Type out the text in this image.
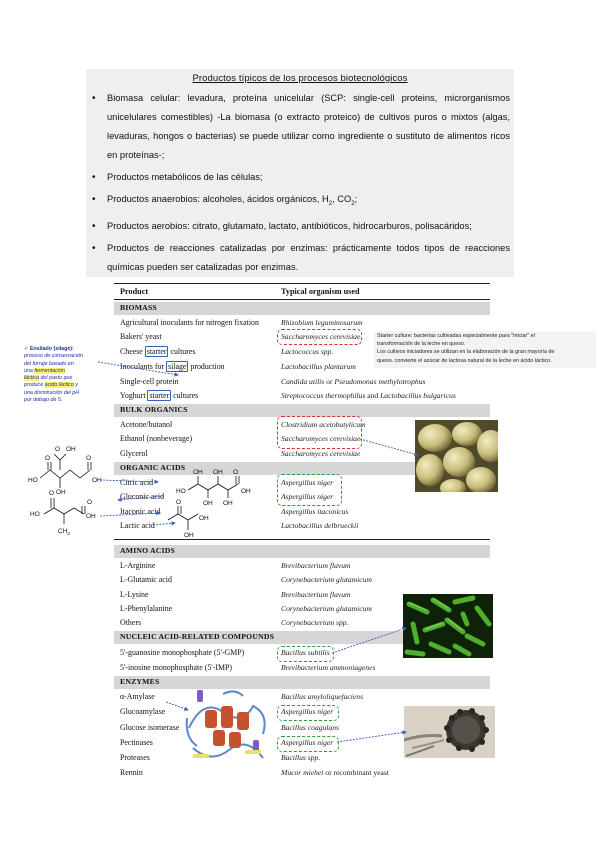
Productos típicos de los procesos biotecnológicos
• Biomasa celular: levadura, proteína unicelular (SCP: single-cell proteins, microrganismos unicelulares comestibles) -La biomasa (o extracto proteico) de cultivos puros o mixtos (algas, levaduras, hongos o bacterias) se puede utilizar como ingrediente o sustituto de alimentos ricos en proteínas-;
• Productos metabólicos de las células;
• Productos anaerobios: alcoholes, ácidos orgánicos, $H_2$, $CO_2$;
• Productos aerobios: citrato, glutamato, lactato, antibióticos, hidrocarburos, polisacáridos;
• Productos de reacciones catalizadas por enzimas: prácticamente todos tipos de reacciones químicas pueden ser catalizadas por enzimas.
Product	Typical organism used
BIOMASS
Agricultural inoculants for nitrogen fixation	Rhizobium leguminosarum
Bakers' yeast	Saccharomyces cerevisiae
Cheese starter cultures	Lactococcus spp.
Inoculants for silage production	Lactobacillus plantarum
Single-cell protein	Candida utilis or Pseudomonas methylotrophus
Yoghurt starter cultures	Streptococcus thermophilus and Lactobacillus bulgaricus
BULK ORGANICS
Acetone/butanol	Clostridium acetobutylicum
Ethanol (nonbeverage)	Saccharomyces cerevisiae
Glycerol	Saccharomyces cerevisiae
ORGANIC ACIDS
Citric acid	Aspergillus niger
Gluconic acid	Aspergillus niger
Itaconic acid	Aspergillus itaconicus
Lactic acid	Lactobacillus delbrueckii
AMINO ACIDS
L-Arginine	Brevibacterium flavum
L-Glutamic acid	Corynebacterium glutamicum
L-Lysine	Brevibacterium flavum
L-Phenylalanine	Corynebacterium glutamicum
Others	Corynebacterium spp.
NUCLEIC ACID-RELATED COMPOUNDS
5'-guanosine monophosphate (5'-GMP)	Bacillus subtilis
5'-inosine monophosphate (5'-IMP)	Brevibacterium ammoniagenes
ENZYMES
α-Amylase	Bacillus amyloliquefaciens
Glucoamylase	Aspergillus niger
Glucose isomerase	Bacillus coagulans
Pectinases	Aspergillus niger
Proteases	Bacillus spp.
Rennin	Mucor miehei or recombinant yeast
Starter culture: bacterias cultivadas especialmente para "iniciar" el
transformación de la leche en queso.
Los cultivos iniciadores se utilizan en la elaboración de la gran mayoría de
queso. convierte el azúcar de lactosa natural de la leche en ácido láctico.
✓ Ensilado (silage):
proceso de conservación
del forraje basado en
una fermentación
láctica del pasto que
produce ácido láctico y
una disminución del pH
por debajo de 5.
HO
O
OH
O
OH
O OH
HO
O
$CH_2$
O
OH
HO
OH
OH
OH
OH
O
OH
O
OH
OH
